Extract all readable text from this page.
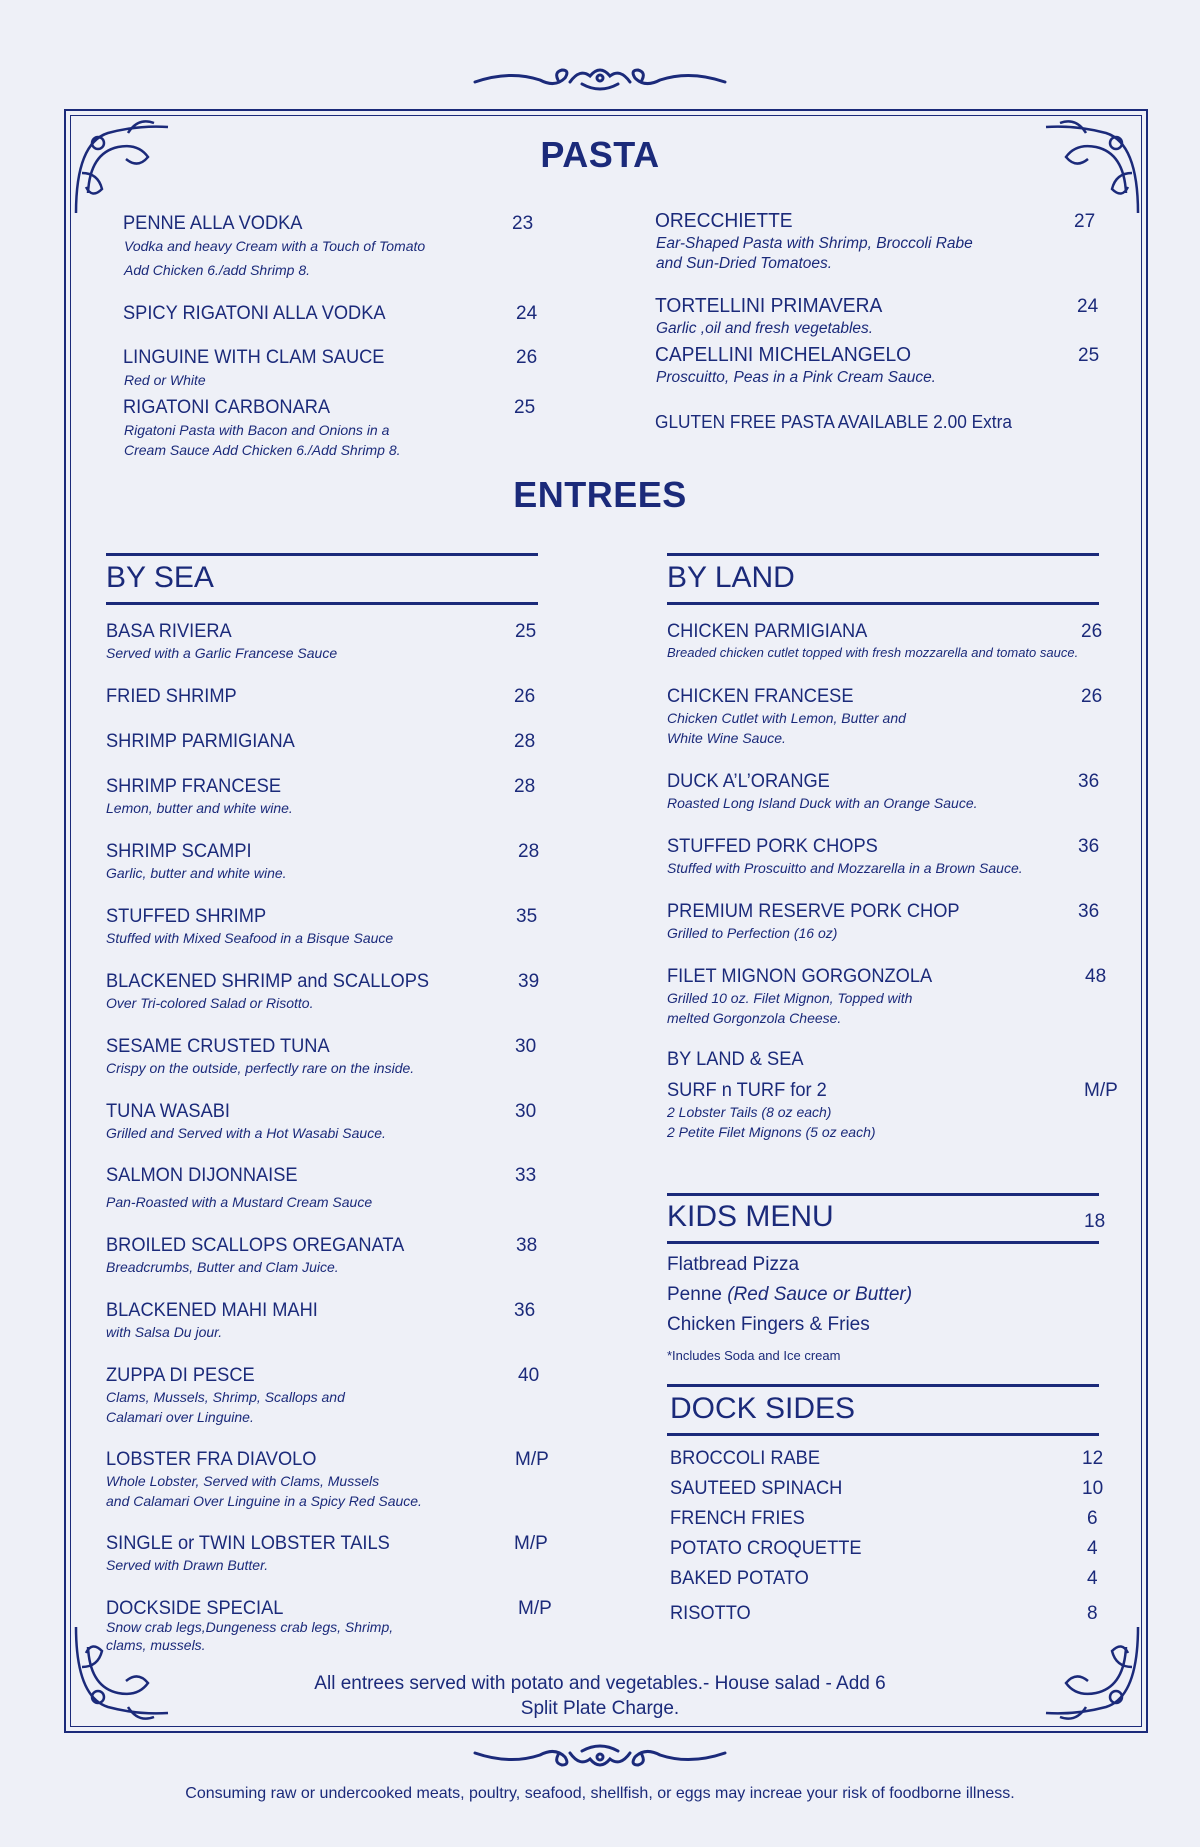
PASTA
PENNE ALLA VODKA	23
Vodka and heavy Cream with a Touch of Tomato
Add Chicken 6./add Shrimp 8.
SPICY RIGATONI ALLA VODKA	24
LINGUINE WITH CLAM SAUCE	26
Red or White
RIGATONI CARBONARA	25
Rigatoni Pasta with Bacon and Onions in a
Cream Sauce Add Chicken 6./Add Shrimp 8.
ORECCHIETTE	27
Ear-Shaped Pasta with Shrimp, Broccoli Rabe
and Sun-Dried Tomatoes.
TORTELLINI PRIMAVERA	24
Garlic ,oil and fresh vegetables.
CAPELLINI MICHELANGELO	25
Proscuitto, Peas in a Pink Cream Sauce.
GLUTEN FREE PASTA AVAILABLE 2.00 Extra
ENTREES
BY SEA
BASA RIVIERA	25
Served with a Garlic Francese Sauce
FRIED SHRIMP	26
SHRIMP PARMIGIANA	28
SHRIMP FRANCESE	28
Lemon, butter and white wine.
SHRIMP SCAMPI	28
Garlic, butter and white wine.
STUFFED SHRIMP	35
Stuffed with Mixed Seafood in a Bisque Sauce
BLACKENED SHRIMP and SCALLOPS	39
Over Tri-colored Salad or Risotto.
SESAME CRUSTED TUNA	30
Crispy on the outside, perfectly rare on the inside.
TUNA WASABI	30
Grilled and Served with a Hot Wasabi Sauce.
SALMON DIJONNAISE	33
Pan-Roasted with a Mustard Cream Sauce
BROILED SCALLOPS OREGANATA	38
Breadcrumbs, Butter and Clam Juice.
BLACKENED MAHI MAHI	36
with Salsa Du jour.
ZUPPA DI PESCE	40
Clams, Mussels, Shrimp, Scallops and
Calamari over Linguine.
LOBSTER FRA DIAVOLO	M/P
Whole Lobster, Served with Clams, Mussels
and Calamari Over Linguine in a Spicy Red Sauce.
SINGLE or TWIN LOBSTER TAILS	M/P
Served with Drawn Butter.
DOCKSIDE SPECIAL	M/P
Snow crab legs,Dungeness crab legs, Shrimp,
clams, mussels.
BY LAND
CHICKEN PARMIGIANA	26
Breaded chicken cutlet topped with fresh mozzarella and tomato sauce.
CHICKEN FRANCESE	26
Chicken Cutlet with Lemon, Butter and
White Wine Sauce.
DUCK A’L’ORANGE	36
Roasted Long Island Duck with an Orange Sauce.
STUFFED PORK CHOPS	36
Stuffed with Proscuitto and Mozzarella in a Brown Sauce.
PREMIUM RESERVE PORK CHOP	36
Grilled to Perfection (16 oz)
FILET MIGNON GORGONZOLA	48
Grilled 10 oz. Filet Mignon, Topped with
melted Gorgonzola Cheese.
BY LAND & SEA
SURF n TURF for 2	M/P
2 Lobster Tails (8 oz each)
2 Petite Filet Mignons (5 oz each)
KIDS MENU	18
Flatbread Pizza
Penne (Red Sauce or Butter)
Chicken Fingers & Fries
*Includes Soda and Ice cream
DOCK SIDES
BROCCOLI RABE	12
SAUTEED SPINACH	10
FRENCH FRIES	6
POTATO CROQUETTE	4
BAKED POTATO	4
RISOTTO	8
All entrees served with potato and vegetables.- House salad - Add 6
Split Plate Charge.
Consuming raw or undercooked meats, poultry, seafood, shellfish, or eggs may increae your risk of foodborne illness.
